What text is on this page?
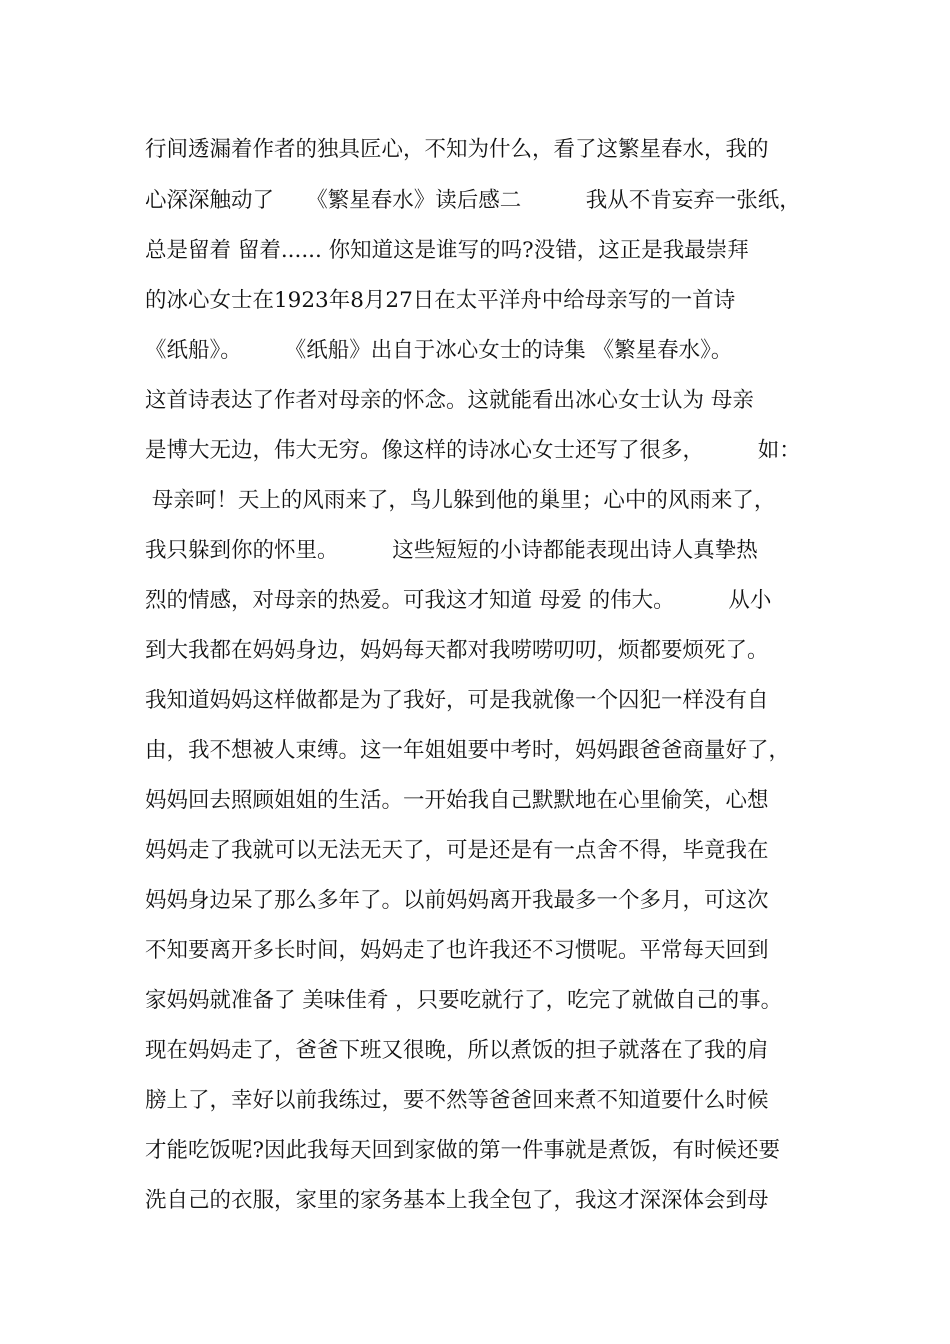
行间透漏着作者的独具匠心，不知为什么，看了这繁星春水，我的
心深深触动了　　《繁星春水》读后感二　　　我从不肯妄弃一张纸，
总是留着 留着...... 你知道这是谁写的吗?没错，这正是我最崇拜
的冰心女士在1923年8月27日在太平洋舟中给母亲写的一首诗
《纸船》。　　　《纸船》出自于冰心女士的诗集 《繁星春水》。
这首诗表达了作者对母亲的怀念。这就能看出冰心女士认为 母亲
是博大无边，伟大无穷。像这样的诗冰心女士还写了很多，　　　如：
母亲呵！天上的风雨来了，鸟儿躲到他的巢里；心中的风雨来了，
我只躲到你的怀里。　　　这些短短的小诗都能表现出诗人真挚热
烈的情感，对母亲的热爱。可我这才知道 母爱 的伟大。　　　从小
到大我都在妈妈身边，妈妈每天都对我唠唠叨叨，烦都要烦死了。
我知道妈妈这样做都是为了我好，可是我就像一个囚犯一样没有自
由，我不想被人束缚。这一年姐姐要中考时，妈妈跟爸爸商量好了，
妈妈回去照顾姐姐的生活。一开始我自己默默地在心里偷笑，心想
妈妈走了我就可以无法无天了，可是还是有一点舍不得，毕竟我在
妈妈身边呆了那么多年了。以前妈妈离开我最多一个多月，可这次
不知要离开多长时间，妈妈走了也许我还不习惯呢。平常每天回到
家妈妈就准备了 美味佳肴 ，只要吃就行了，吃完了就做自己的事。
现在妈妈走了，爸爸下班又很晚，所以煮饭的担子就落在了我的肩
膀上了，幸好以前我练过，要不然等爸爸回来煮不知道要什么时候
才能吃饭呢?因此我每天回到家做的第一件事就是煮饭，有时候还要
洗自己的衣服，家里的家务基本上我全包了，我这才深深体会到母
